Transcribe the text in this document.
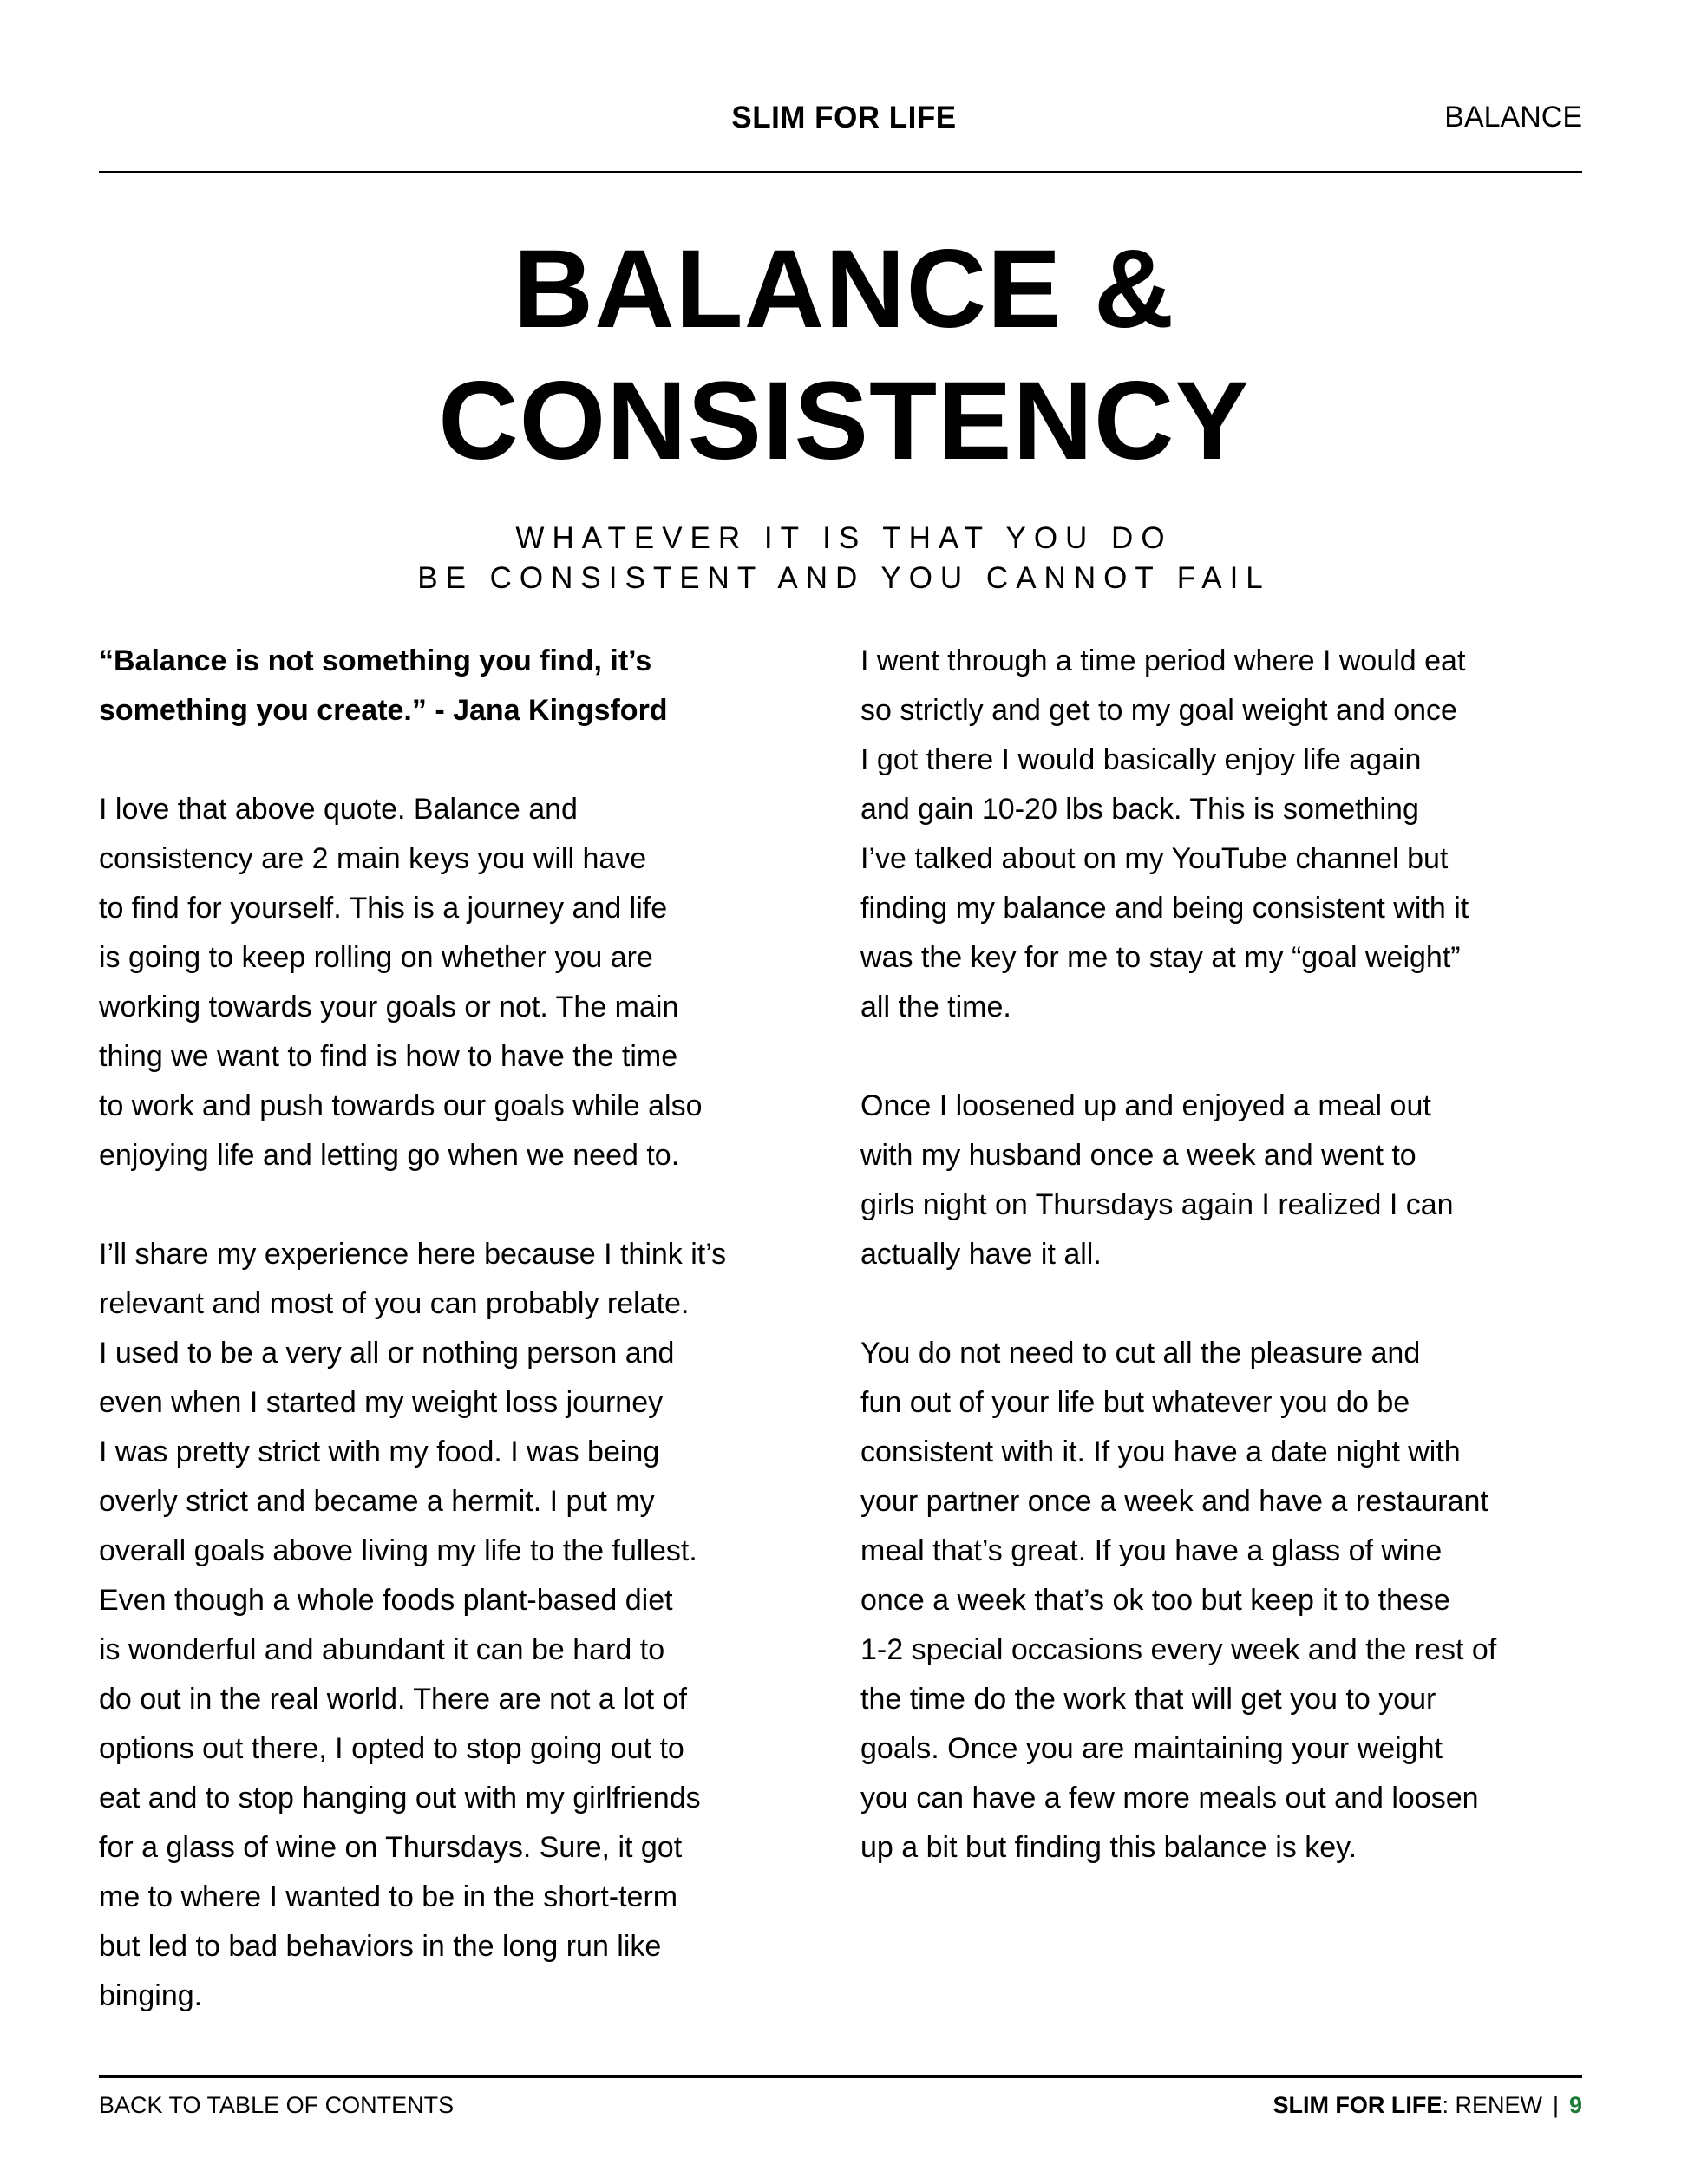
SLIM FOR LIFE	BALANCE
BALANCE &
CONSISTENCY
WHATEVER IT IS THAT YOU DO
BE CONSISTENT AND YOU CANNOT FAIL
“Balance is not something you find, it’s
something you create.” - Jana Kingsford
I love that above quote. Balance and
consistency are 2 main keys you will have
to find for yourself. This is a journey and life
is going to keep rolling on whether you are
working towards your goals or not. The main
thing we want to find is how to have the time
to work and push towards our goals while also
enjoying life and letting go when we need to.
I’ll share my experience here because I think it’s
relevant and most of you can probably relate.
I used to be a very all or nothing person and
even when I started my weight loss journey
I was pretty strict with my food. I was being
overly strict and became a hermit. I put my
overall goals above living my life to the fullest.
Even though a whole foods plant-based diet
is wonderful and abundant it can be hard to
do out in the real world. There are not a lot of
options out there, I opted to stop going out to
eat and to stop hanging out with my girlfriends
for a glass of wine on Thursdays. Sure, it got
me to where I wanted to be in the short-term
but led to bad behaviors in the long run like
binging.
I went through a time period where I would eat
so strictly and get to my goal weight and once
I got there I would basically enjoy life again
and gain 10-20 lbs back. This is something
I’ve talked about on my YouTube channel but
finding my balance and being consistent with it
was the key for me to stay at my “goal weight”
all the time.
Once I loosened up and enjoyed a meal out
with my husband once a week and went to
girls night on Thursdays again I realized I can
actually have it all.
You do not need to cut all the pleasure and
fun out of your life but whatever you do be
consistent with it. If you have a date night with
your partner once a week and have a restaurant
meal that’s great. If you have a glass of wine
once a week that’s ok too but keep it to these
1-2 special occasions every week and the rest of
the time do the work that will get you to your
goals. Once you are maintaining your weight
you can have a few more meals out and loosen
up a bit but finding this balance is key.
BACK TO TABLE OF CONTENTS	SLIM FOR LIFE: RENEW | 9
